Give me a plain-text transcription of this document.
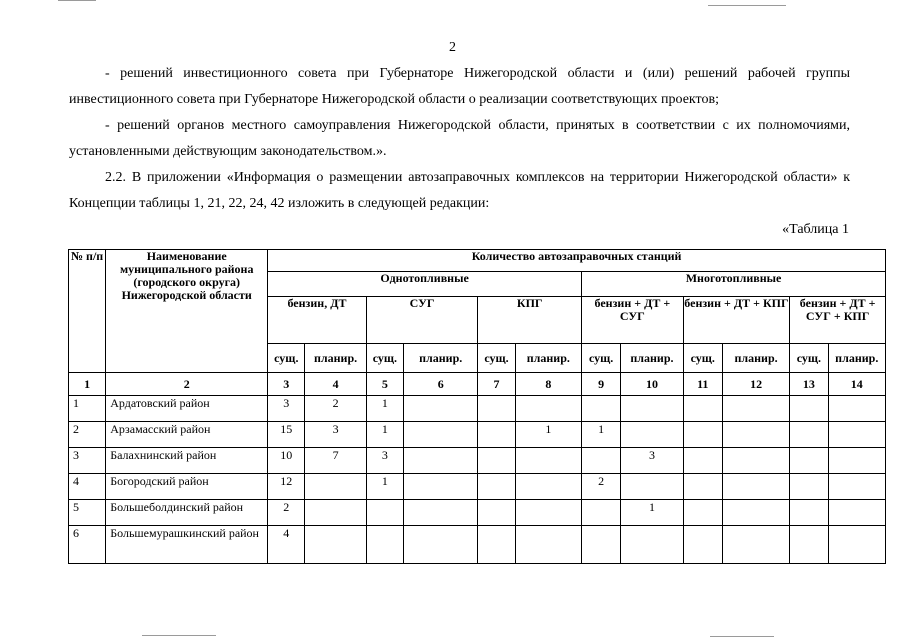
2

- решений инвестиционного совета при Губернаторе Нижегородской области и (или) решений рабочей группы инвестиционного совета при Губернаторе Нижегородской области о реализации соответствующих проектов;

- решений органов местного самоуправления Нижегородской области, принятых в соответствии с их полномочиями, установленными действующим законодательством.».

2.2. В приложении «Информация о размещении автозаправочных комплексов на территории Нижегородской области» к Концепции таблицы 1, 21, 22, 24, 42 изложить в следующей редакции:

«Таблица 1
№ п/п	Наименование муниципального района (городского округа) Нижегородской области	Количество автозаправочных станций											
		Однотопливные						Многотопливные					
		бензин, ДТ		СУГ		КПГ		бензин + ДТ + СУГ		бензин + ДТ + КПГ		бензин + ДТ + СУГ + КПГ	
		сущ.	планир.	сущ.	планир.	сущ.	планир.	сущ.	планир.	сущ.	планир.	сущ.	планир.
1	2	3	4	5	6	7	8	9	10	11	12	13	14
1	Ардатовский район	3	2	1									
2	Арзамасский район	15	3	1			1	1					
3	Балахнинский район	10	7	3					3				
4	Богородский район	12		1				2					
5	Большеболдинский район	2							1				
6	Большемурашкинский район	4											
